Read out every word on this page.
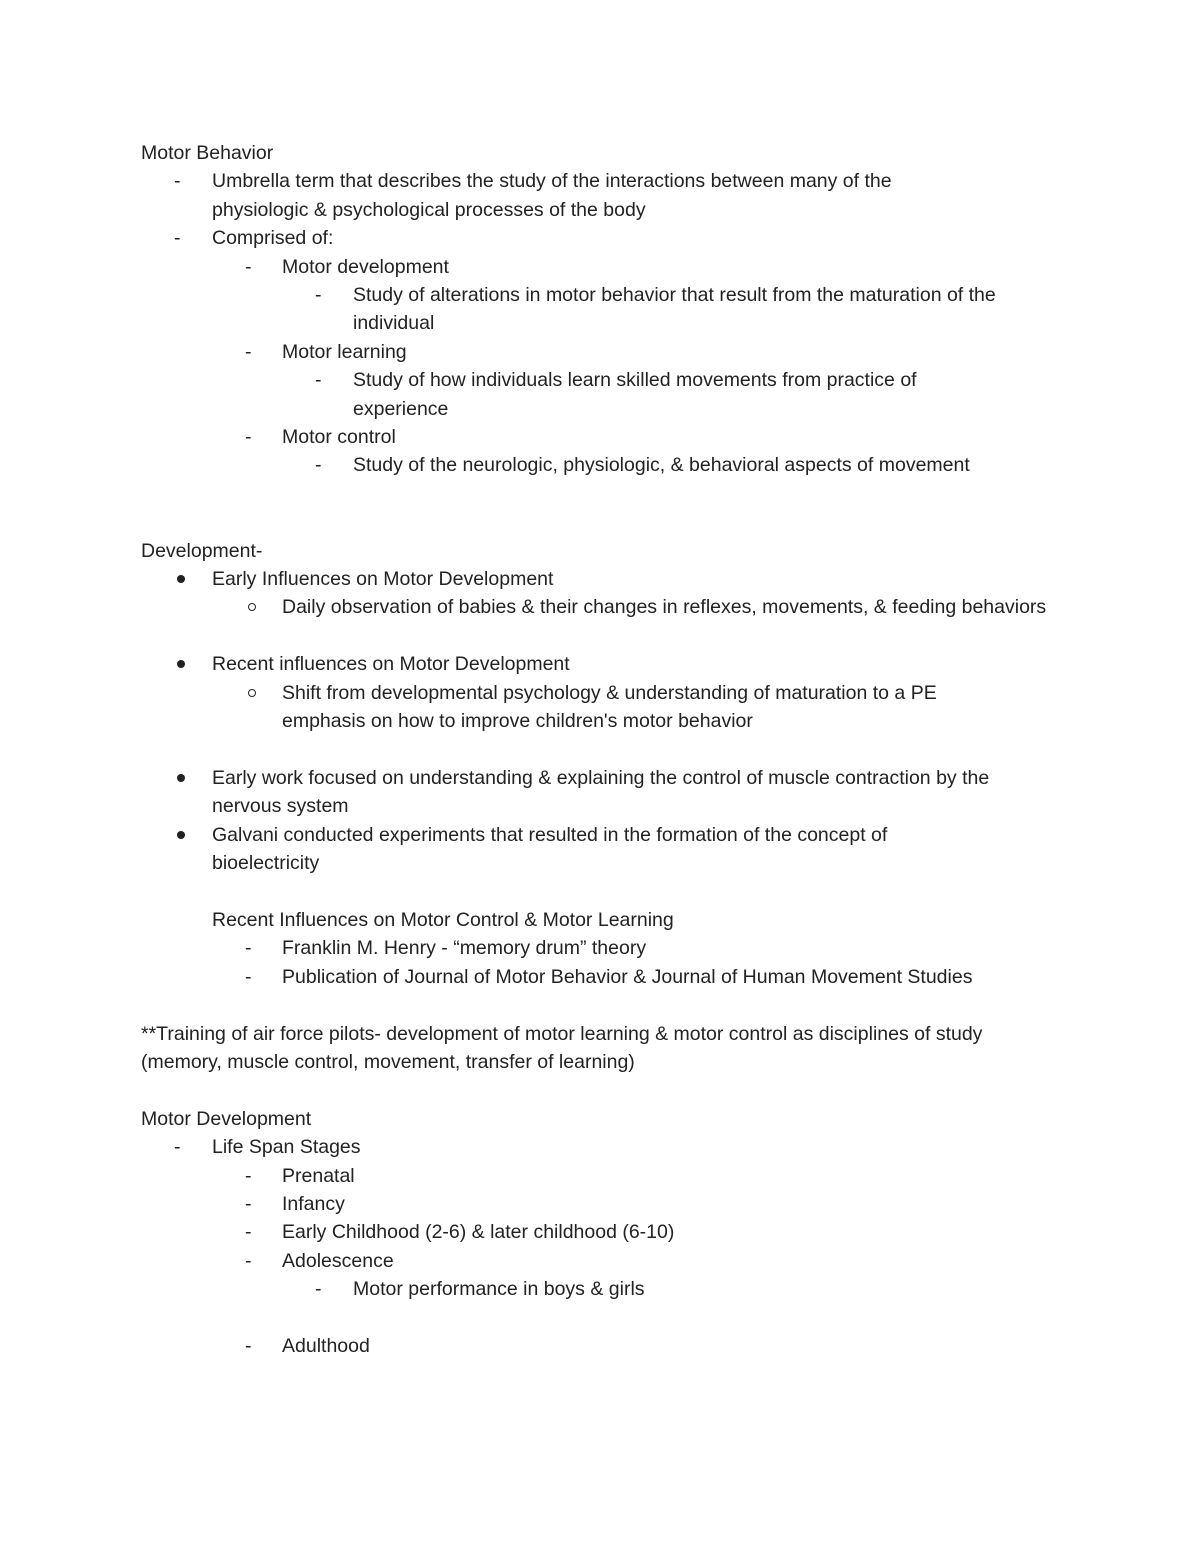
Motor Behavior

-	Umbrella term that describes the study of the interactions between many of the physiologic & psychological processes of the body
-	Comprised of:
-	Motor development
-	Study of alterations in motor behavior that result from the maturation of the individual
-	Motor learning
-	Study of how individuals learn skilled movements from practice of experience
-	Motor control
-	Study of the neurologic, physiologic, & behavioral aspects of movement

Development-

Early Influences on Motor Development
Daily observation of babies & their changes in reflexes, movements, & feeding behaviors
Recent influences on Motor Development
Shift from developmental psychology & understanding of maturation to a PE emphasis on how to improve children's motor behavior
Early work focused on understanding & explaining the control of muscle contraction by the nervous system
Galvani conducted experiments that resulted in the formation of the concept of bioelectricity

Recent Influences on Motor Control & Motor Learning

-	Franklin M. Henry - “memory drum” theory
-	Publication of Journal of Motor Behavior & Journal of Human Movement Studies

**Training of air force pilots- development of motor learning & motor control as disciplines of study (memory, muscle control, movement, transfer of learning)

Motor Development

-	Life Span Stages
-	Prenatal
-	Infancy
-	Early Childhood (2-6) & later childhood (6-10)
-	Adolescence
-	Motor performance in boys & girls
-	Adulthood
